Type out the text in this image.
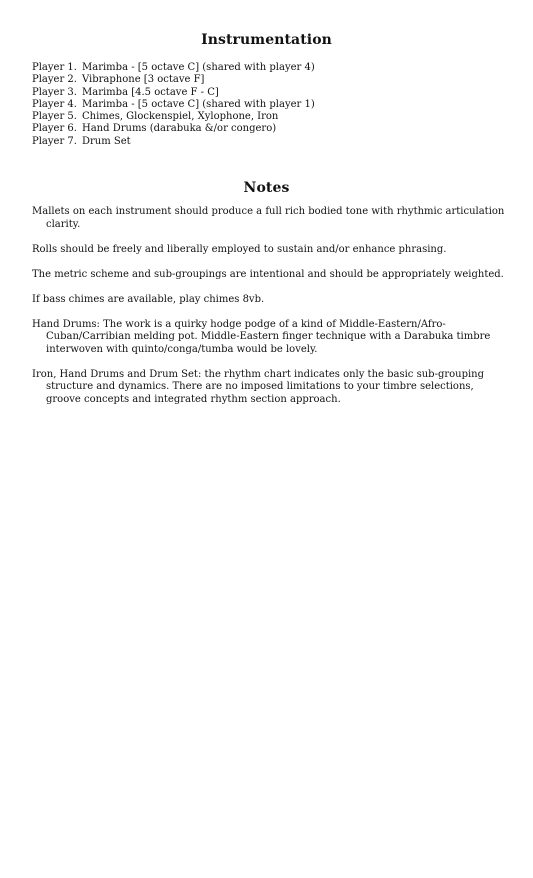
Instrumentation
Player 1. Marimba - [5 octave C] (shared with player 4)
Player 2. Vibraphone [3 octave F]
Player 3. Marimba [4.5 octave F - C]
Player 4. Marimba - [5 octave C] (shared with player 1)
Player 5. Chimes, Glockenspiel, Xylophone, Iron
Player 6. Hand Drums (darabuka &/or congero)
Player 7. Drum Set
Notes

Mallets on each instrument should produce a full rich bodied tone with rhythmic articulation clarity.

Rolls should be freely and liberally employed to sustain and/or enhance phrasing.

The metric scheme and sub-groupings are intentional and should be appropriately weighted.

If bass chimes are available, play chimes 8vb.

Hand Drums: The work is a quirky hodge podge of a kind of Middle-Eastern/Afro-Cuban/Carribian melding pot. Middle-Eastern finger technique with a Darabuka timbre interwoven with quinto/conga/tumba would be lovely.

Iron, Hand Drums and Drum Set: the rhythm chart indicates only the basic sub-grouping structure and dynamics. There are no imposed limitations to your timbre selections, groove concepts and integrated rhythm section approach.
